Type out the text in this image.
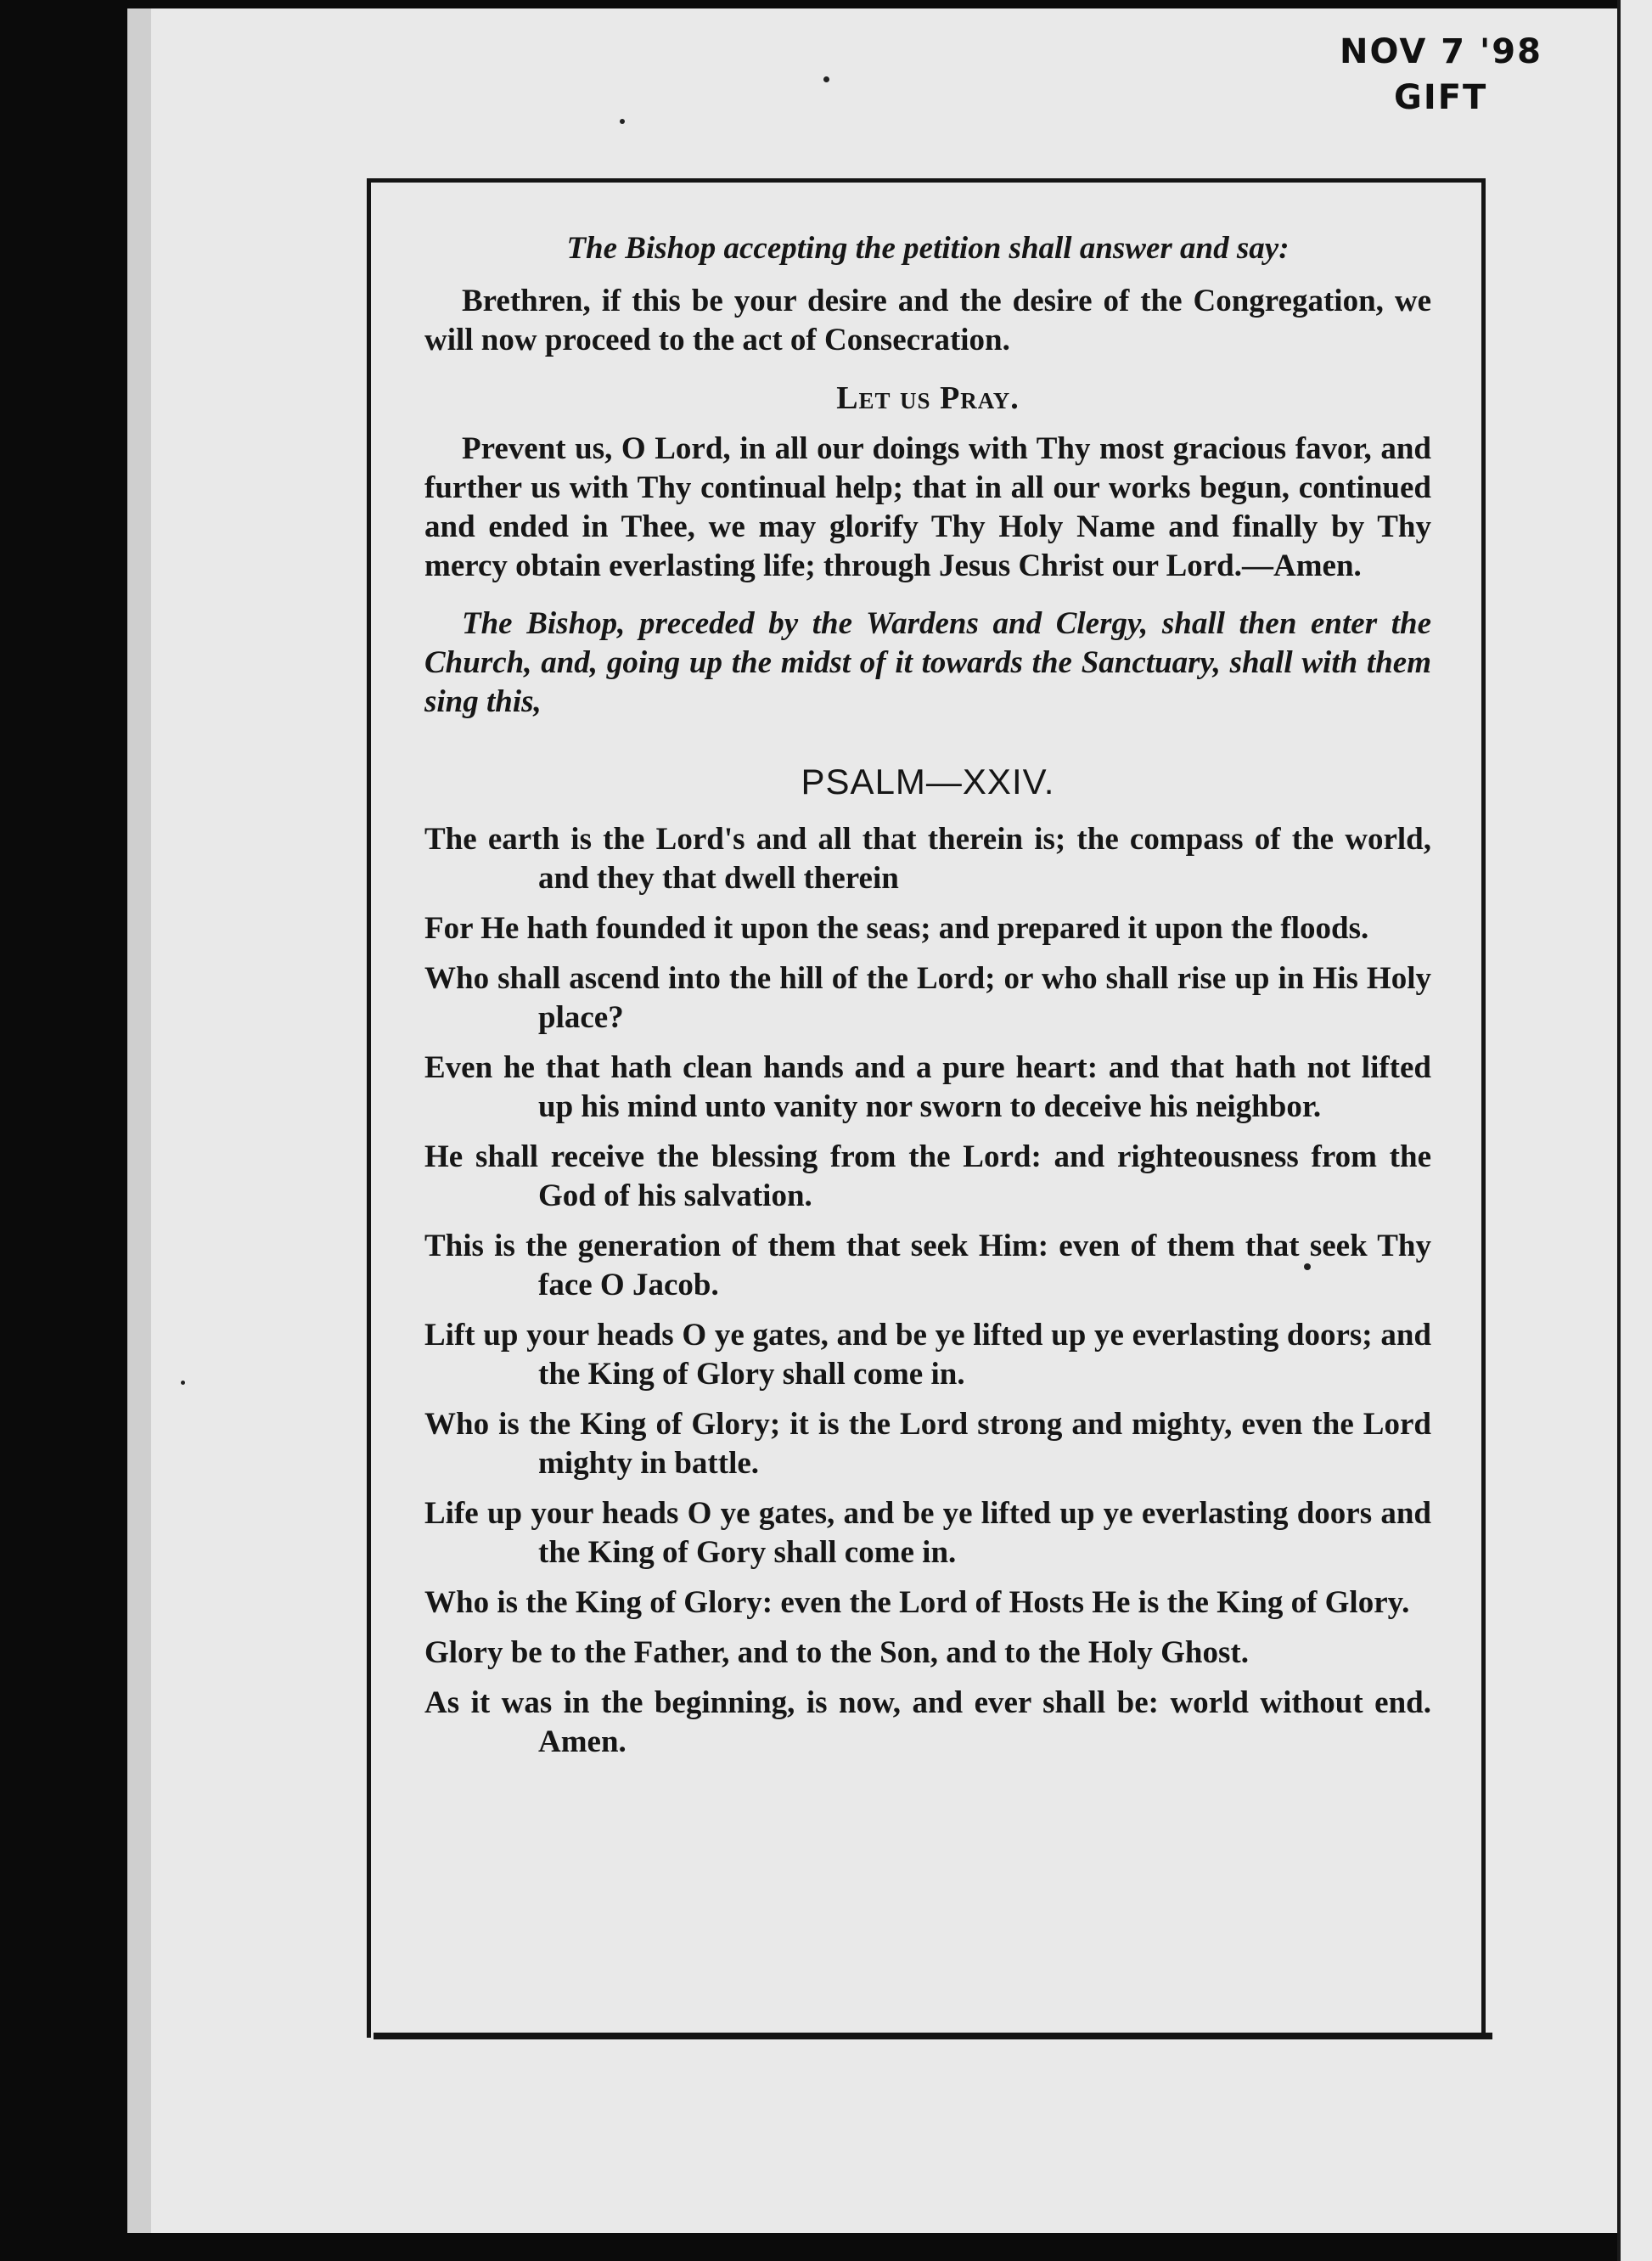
NOV 7 '98
GIFT

The Bishop accepting the petition shall answer and say:

Brethren, if this be your desire and the desire of the Congregation, we will now proceed to the act of Consecration.

Let us Pray.

Prevent us, O Lord, in all our doings with Thy most gracious favor, and further us with Thy continual help; that in all our works begun, continued and ended in Thee, we may glorify Thy Holy Name and finally by Thy mercy obtain everlasting life; through Jesus Christ our Lord.—Amen.

The Bishop, preceded by the Wardens and Clergy, shall then enter the Church, and, going up the midst of it towards the Sanctuary, shall with them sing this,

PSALM—XXIV.

The earth is the Lord's and all that therein is; the compass of the world, and they that dwell therein
For He hath founded it upon the seas; and prepared it upon the floods.
Who shall ascend into the hill of the Lord; or who shall rise up in His Holy place?
Even he that hath clean hands and a pure heart: and that hath not lifted up his mind unto vanity nor sworn to deceive his neighbor.
He shall receive the blessing from the Lord: and righteousness from the God of his salvation.
This is the generation of them that seek Him: even of them that seek Thy face O Jacob.
Lift up your heads O ye gates, and be ye lifted up ye everlasting doors; and the King of Glory shall come in.
Who is the King of Glory; it is the Lord strong and mighty, even the Lord mighty in battle.
Life up your heads O ye gates, and be ye lifted up ye everlasting doors and the King of Gory shall come in.
Who is the King of Glory: even the Lord of Hosts He is the King of Glory.
Glory be to the Father, and to the Son, and to the Holy Ghost.
As it was in the beginning, is now, and ever shall be: world without end. Amen.
